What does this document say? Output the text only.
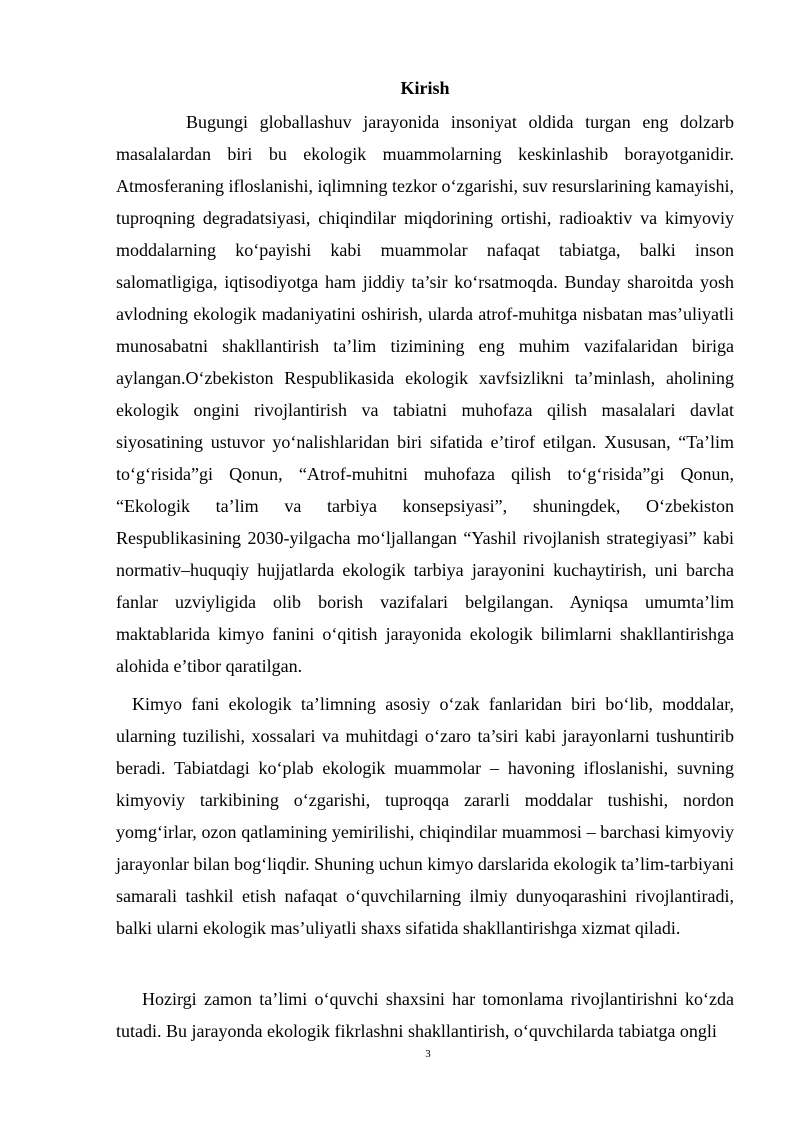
Kirish

Bugungi globallashuv jarayonida insoniyat oldida turgan eng dolzarb masalalardan biri bu ekologik muammolarning keskinlashib borayotganidir. Atmosferaning ifloslanishi, iqlimning tezkor o‘zgarishi, suv resurslarining kamayishi, tuproqning degradatsiyasi, chiqindilar miqdorining ortishi, radioaktiv va kimyoviy moddalarning ko‘payishi kabi muammolar nafaqat tabiatga, balki inson salomatligiga, iqtisodiyotga ham jiddiy ta’sir ko‘rsatmoqda. Bunday sharoitda yosh avlodning ekologik madaniyatini oshirish, ularda atrof-muhitga nisbatan mas’uliyatli munosabatni shakllantirish ta’lim tizimining eng muhim vazifalaridan biriga aylangan.O‘zbekiston Respublikasida ekologik xavfsizlikni ta’minlash, aholining ekologik ongini rivojlantirish va tabiatni muhofaza qilish masalalari davlat siyosatining ustuvor yo‘nalishlaridan biri sifatida e’tirof etilgan. Xususan, “Ta’lim to‘g‘risida”gi Qonun, “Atrof-muhitni muhofaza qilish to‘g‘risida”gi Qonun, “Ekologik ta’lim va tarbiya konsepsiyasi”, shuningdek, O‘zbekiston Respublikasining 2030-yilgacha mo‘ljallangan “Yashil rivojlanish strategiyasi” kabi normativ–huquqiy hujjatlarda ekologik tarbiya jarayonini kuchaytirish, uni barcha fanlar uzviyligida olib borish vazifalari belgilangan. Ayniqsa umumta’lim maktablarida kimyo fanini o‘qitish jarayonida ekologik bilimlarni shakllantirishga alohida e’tibor qaratilgan.

Kimyo fani ekologik ta’limning asosiy o‘zak fanlaridan biri bo‘lib, moddalar, ularning tuzilishi, xossalari va muhitdagi o‘zaro ta’siri kabi jarayonlarni tushuntirib beradi. Tabiatdagi ko‘plab ekologik muammolar – havoning ifloslanishi, suvning kimyoviy tarkibining o‘zgarishi, tuproqqa zararli moddalar tushishi, nordon yomg‘irlar, ozon qatlamining yemirilishi, chiqindilar muammosi – barchasi kimyoviy jarayonlar bilan bog‘liqdir. Shuning uchun kimyo darslarida ekologik ta’lim-tarbiyani samarali tashkil etish nafaqat o‘quvchilarning ilmiy dunyoqarashini rivojlantiradi, balki ularni ekologik mas’uliyatli shaxs sifatida shakllantirishga xizmat qiladi.

Hozirgi zamon ta’limi o‘quvchi shaxsini har tomonlama rivojlantirishni ko‘zda tutadi. Bu jarayonda ekologik fikrlashni shakllantirish, o‘quvchilarda tabiatga ongli

3
